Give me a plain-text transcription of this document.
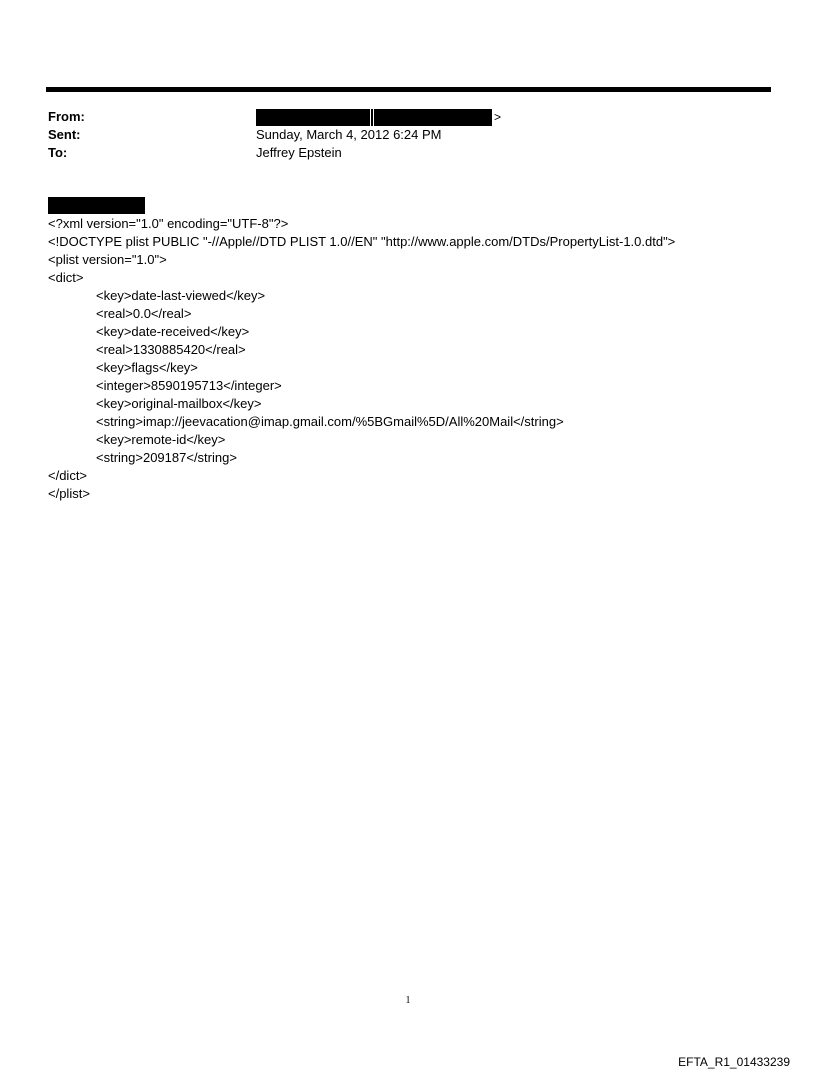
From:	>
Sent:	Sunday, March 4, 2012 6:24 PM
To:	Jeffrey Epstein
<?xml version="1.0" encoding="UTF-8"?>
<!DOCTYPE plist PUBLIC "-//Apple//DTD PLIST 1.0//EN" "http://www.apple.com/DTDs/PropertyList-1.0.dtd">
<plist version="1.0">
<dict>
<key>date-last-viewed</key>
<real>0.0</real>
<key>date-received</key>
<real>1330885420</real>
<key>flags</key>
<integer>8590195713</integer>
<key>original-mailbox</key>
<string>imap://jeevacation@imap.gmail.com/%5BGmail%5D/All%20Mail</string>
<key>remote-id</key>
<string>209187</string>
</dict>
</plist>
1
EFTA_R1_01433239
